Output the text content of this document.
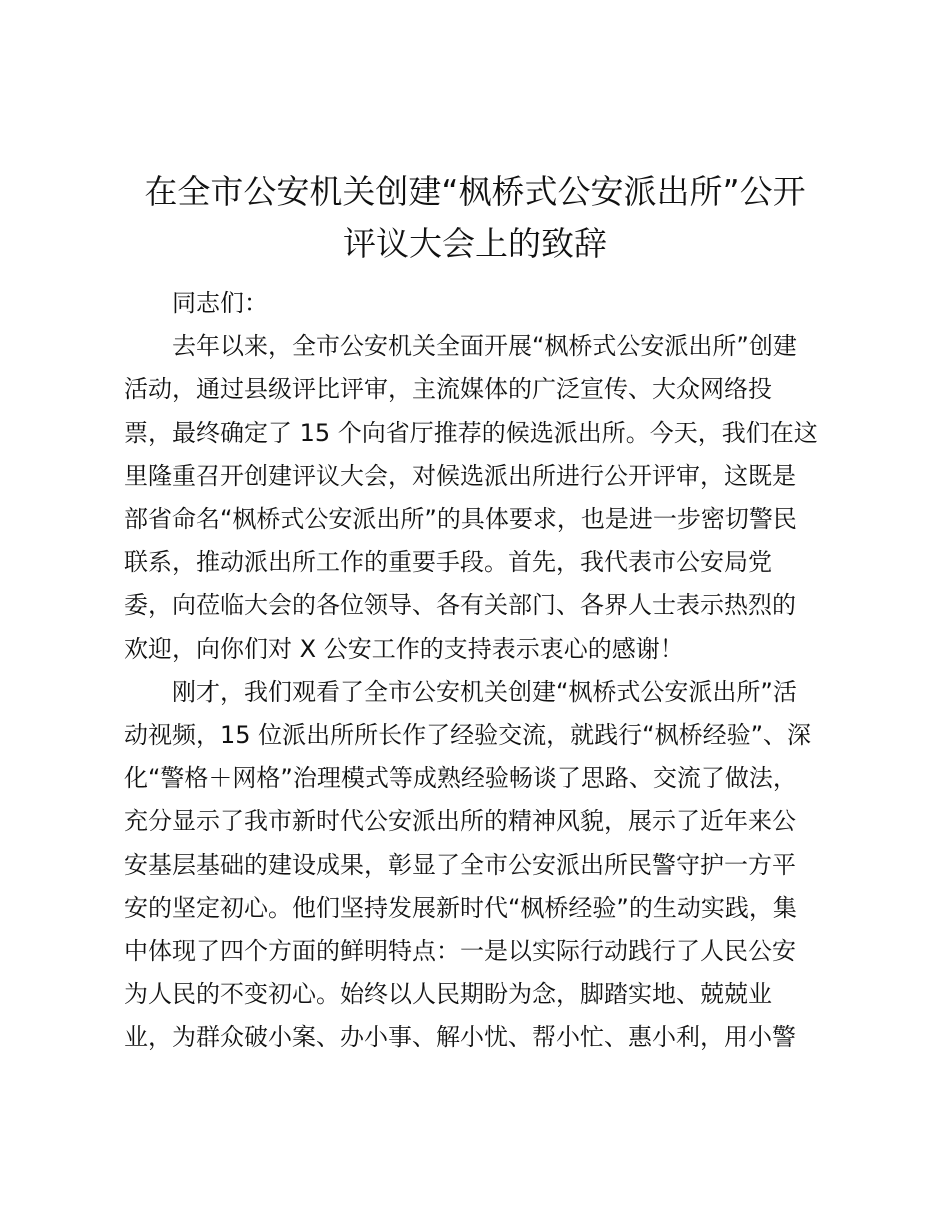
在全市公安机关创建“枫桥式公安派出所”公开
评议大会上的致辞

同志们：

去年以来，全市公安机关全面开展“枫桥式公安派出所”创建
活动，通过县级评比评审，主流媒体的广泛宣传、大众网络投
票，最终确定了 15 个向省厅推荐的候选派出所。今天，我们在这
里隆重召开创建评议大会，对候选派出所进行公开评审，这既是
部省命名“枫桥式公安派出所”的具体要求，也是进一步密切警民
联系，推动派出所工作的重要手段。首先，我代表市公安局党
委，向莅临大会的各位领导、各有关部门、各界人士表示热烈的
欢迎，向你们对 X 公安工作的支持表示衷心的感谢！

刚才，我们观看了全市公安机关创建“枫桥式公安派出所”活
动视频，15 位派出所所长作了经验交流，就践行“枫桥经验”、深
化“警格＋网格”治理模式等成熟经验畅谈了思路、交流了做法，
充分显示了我市新时代公安派出所的精神风貌，展示了近年来公
安基层基础的建设成果，彰显了全市公安派出所民警守护一方平
安的坚定初心。他们坚持发展新时代“枫桥经验”的生动实践，集
中体现了四个方面的鲜明特点：一是以实际行动践行了人民公安
为人民的不变初心。始终以人民期盼为念，脚踏实地、兢兢业
业，为群众破小案、办小事、解小忧、帮小忙、惠小利，用小警
